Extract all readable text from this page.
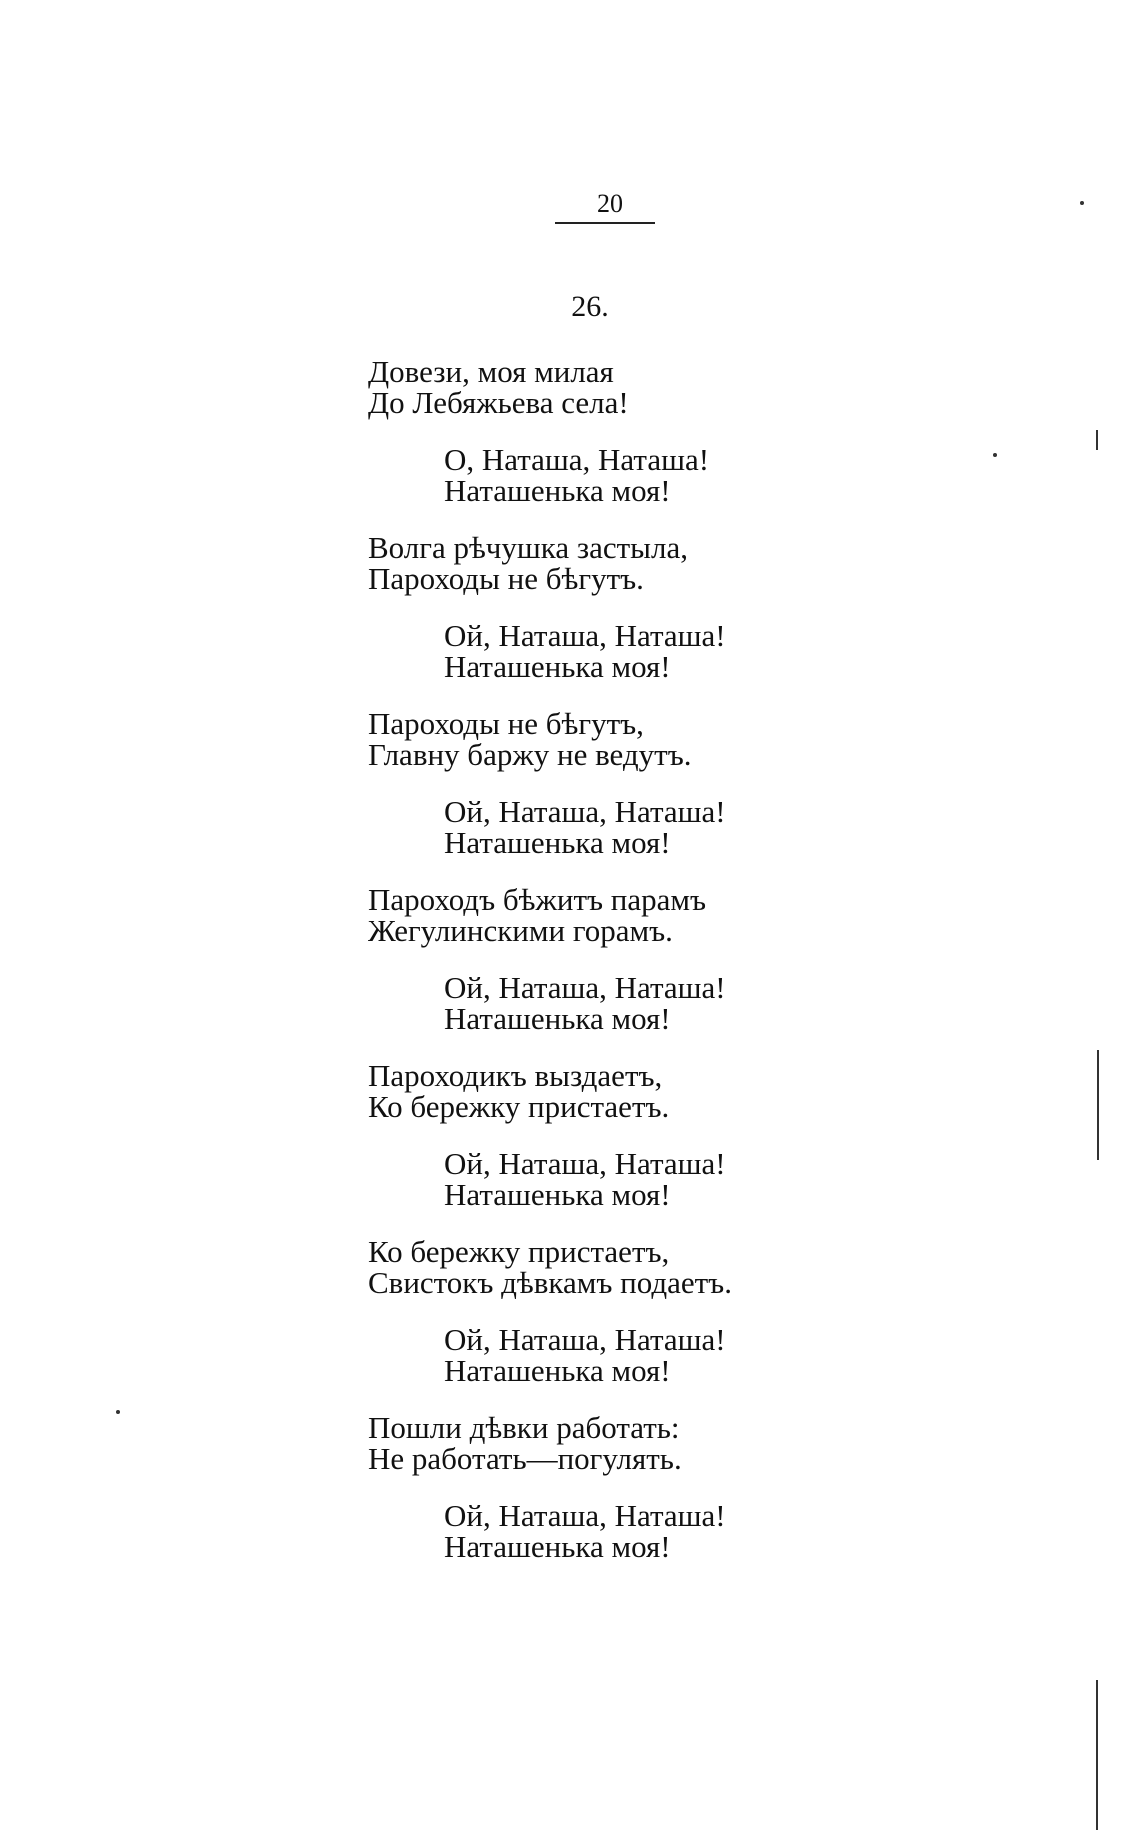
20
26.
Довези, моя милая
До Лебяжьева села!
О, Наташа, Наташа!
Наташенька моя!
Волга рѣчушка застыла,
Пароходы не бѣгутъ.
Ой, Наташа, Наташа!
Наташенька моя!
Пароходы не бѣгутъ,
Главну баржу не ведутъ.
Ой, Наташа, Наташа!
Наташенька моя!
Пароходъ бѣжитъ парамъ
Жегулинскими горамъ.
Ой, Наташа, Наташа!
Наташенька моя!
Пароходикъ выздаетъ,
Ко бережку пристаетъ.
Ой, Наташа, Наташа!
Наташенька моя!
Ко бережку пристаетъ,
Свистокъ дѣвкамъ подаетъ.
Ой, Наташа, Наташа!
Наташенька моя!
Пошли дѣвки работать:
Не работать—погулять.
Ой, Наташа, Наташа!
Наташенька моя!
